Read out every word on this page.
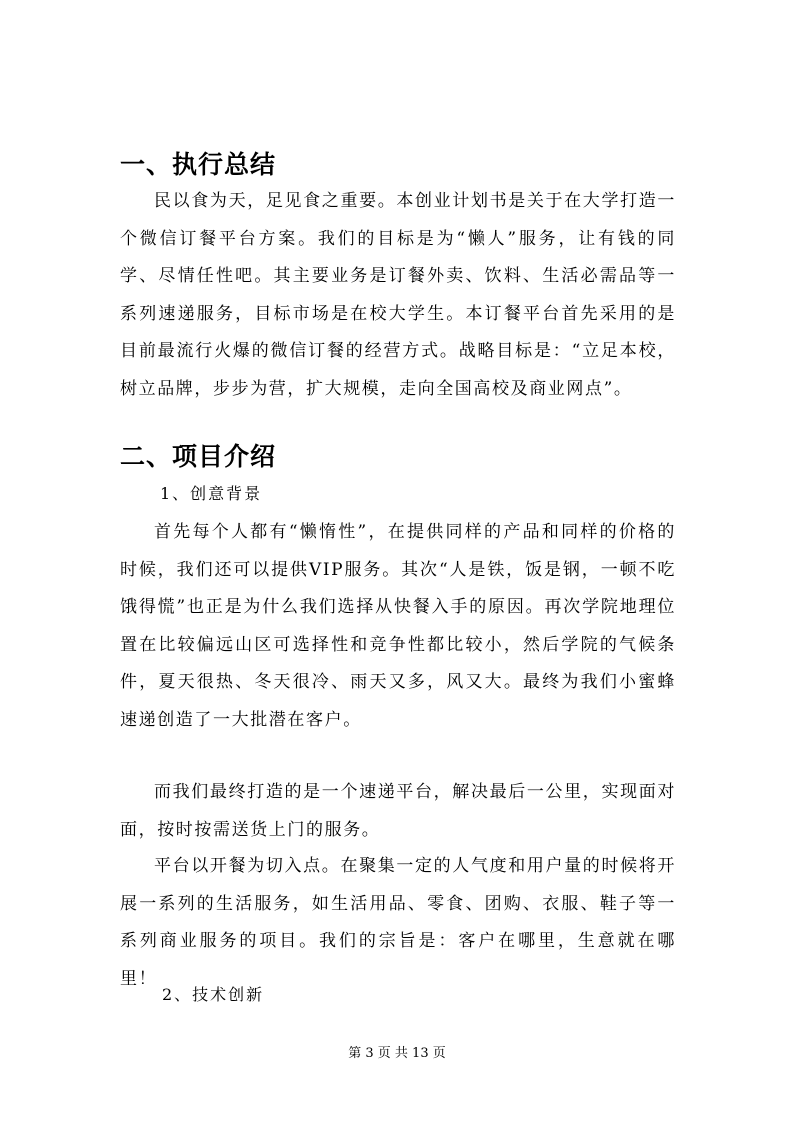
一、执行总结
民以食为天，足见食之重要。本创业计划书是关于在大学打造一个微信订餐平台方案。我们的目标是为“懒人”服务，让有钱的同学、尽情任性吧。其主要业务是订餐外卖、饮料、生活必需品等一系列速递服务，目标市场是在校大学生。本订餐平台首先采用的是目前最流行火爆的微信订餐的经营方式。战略目标是：“立足本校，树立品牌，步步为营，扩大规模，走向全国高校及商业网点”。
二、项目介绍
1、创意背景
首先每个人都有“懒惰性”，在提供同样的产品和同样的价格的时候，我们还可以提供VIP服务。其次“人是铁，饭是钢，一顿不吃饿得慌”也正是为什么我们选择从快餐入手的原因。再次学院地理位置在比较偏远山区可选择性和竞争性都比较小，然后学院的气候条件，夏天很热、冬天很冷、雨天又多，风又大。最终为我们小蜜蜂速递创造了一大批潜在客户。
而我们最终打造的是一个速递平台，解决最后一公里，实现面对面，按时按需送货上门的服务。
平台以开餐为切入点。在聚集一定的人气度和用户量的时候将开展一系列的生活服务，如生活用品、零食、团购、衣服、鞋子等一系列商业服务的项目。我们的宗旨是：客户在哪里，生意就在哪里！
2、技术创新
第 3 页 共 13 页
